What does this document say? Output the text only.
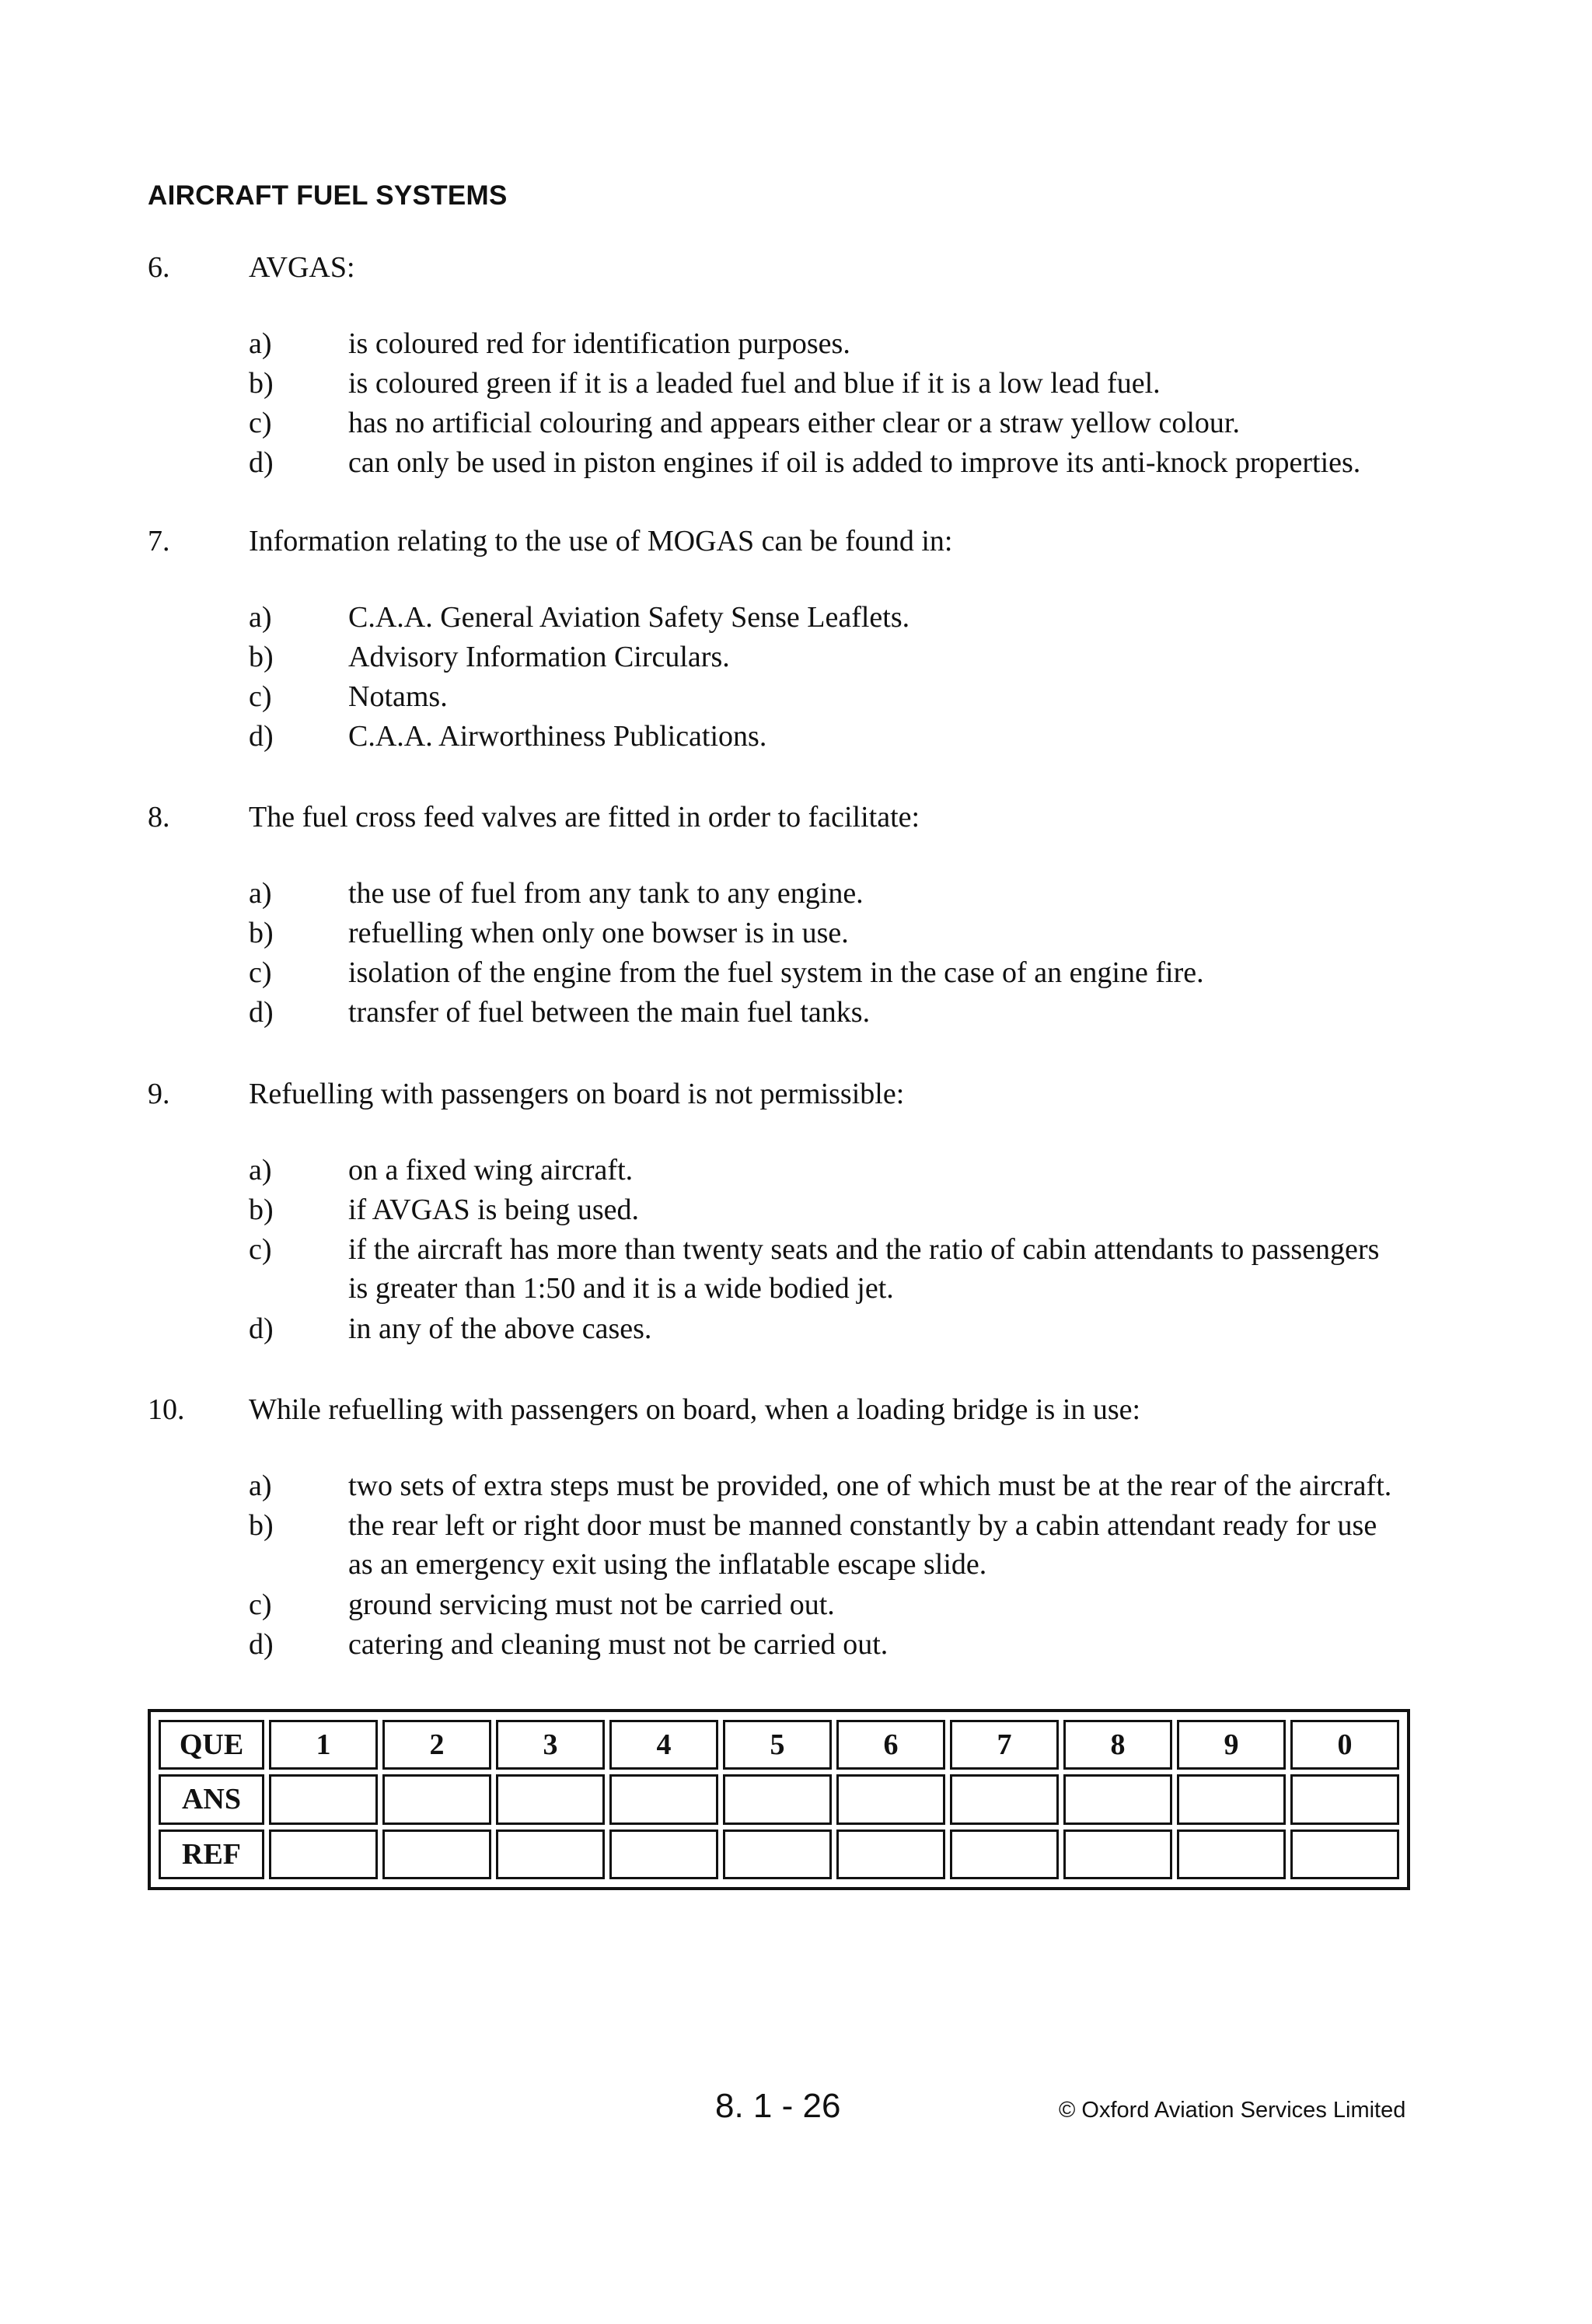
AIRCRAFT FUEL SYSTEMS
6.	AVGAS:
a)	is coloured red for identification purposes.
b)	is coloured green if it is a leaded fuel and blue if it is a low lead fuel.
c)	has no artificial colouring and appears either clear or a straw yellow colour.
d)	can only be used in piston engines if oil is added to improve its anti-knock properties.
7.	Information relating to the use of MOGAS can be found in:
a)	C.A.A. General Aviation Safety Sense Leaflets.
b)	Advisory Information Circulars.
c)	Notams.
d)	C.A.A. Airworthiness Publications.
8.	The fuel cross feed valves are fitted in order to facilitate:
a)	the use of fuel from any tank to any engine.
b)	refuelling when only one bowser is in use.
c)	isolation of the engine from the fuel system in the case of an engine fire.
d)	transfer of fuel between the main fuel tanks.
9.	Refuelling with passengers on board is not permissible:
a)	on a fixed wing aircraft.
b)	if AVGAS is being used.
c)	if the aircraft has more than twenty seats and the ratio of cabin attendants to passengers
is greater than 1:50 and it is a wide bodied jet.
d)	in any of the above cases.
10. While refuelling with passengers on board, when a loading bridge is in use:
a)	two sets of extra steps must be provided, one of which must be at the rear of the aircraft.
b)	the rear left or right door must be manned constantly by a cabin attendant ready for use
as an emergency exit using the inflatable escape slide.
c)	ground servicing must not be carried out.
d)	catering and cleaning must not be carried out.
QUE	1	2	3	4	5	6	7	8	9	0
ANS										
REF										
8. 1 - 26	© Oxford Aviation Services Limited
